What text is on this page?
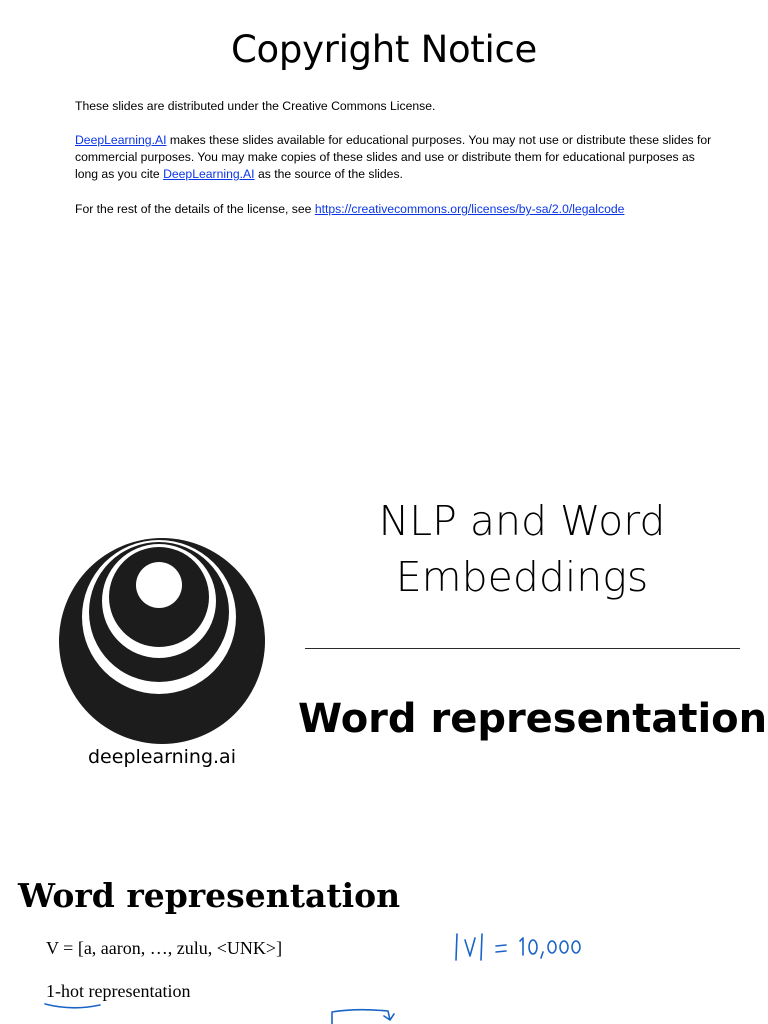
Copyright Notice

These slides are distributed under the Creative Commons License.

DeepLearning.AI makes these slides available for educational purposes. You may not use or distribute these slides for commercial purposes. You may make copies of these slides and use or distribute them for educational purposes as long as you cite DeepLearning.AI as the source of the slides.

For the rest of the details of the license, see https://creativecommons.org/licenses/by-sa/2.0/legalcode

deeplearning.ai

NLP and Word
Embeddings
Word representation
Word representation

V = [a, aaron, …, zulu, <UNK>]

1-hot representation
